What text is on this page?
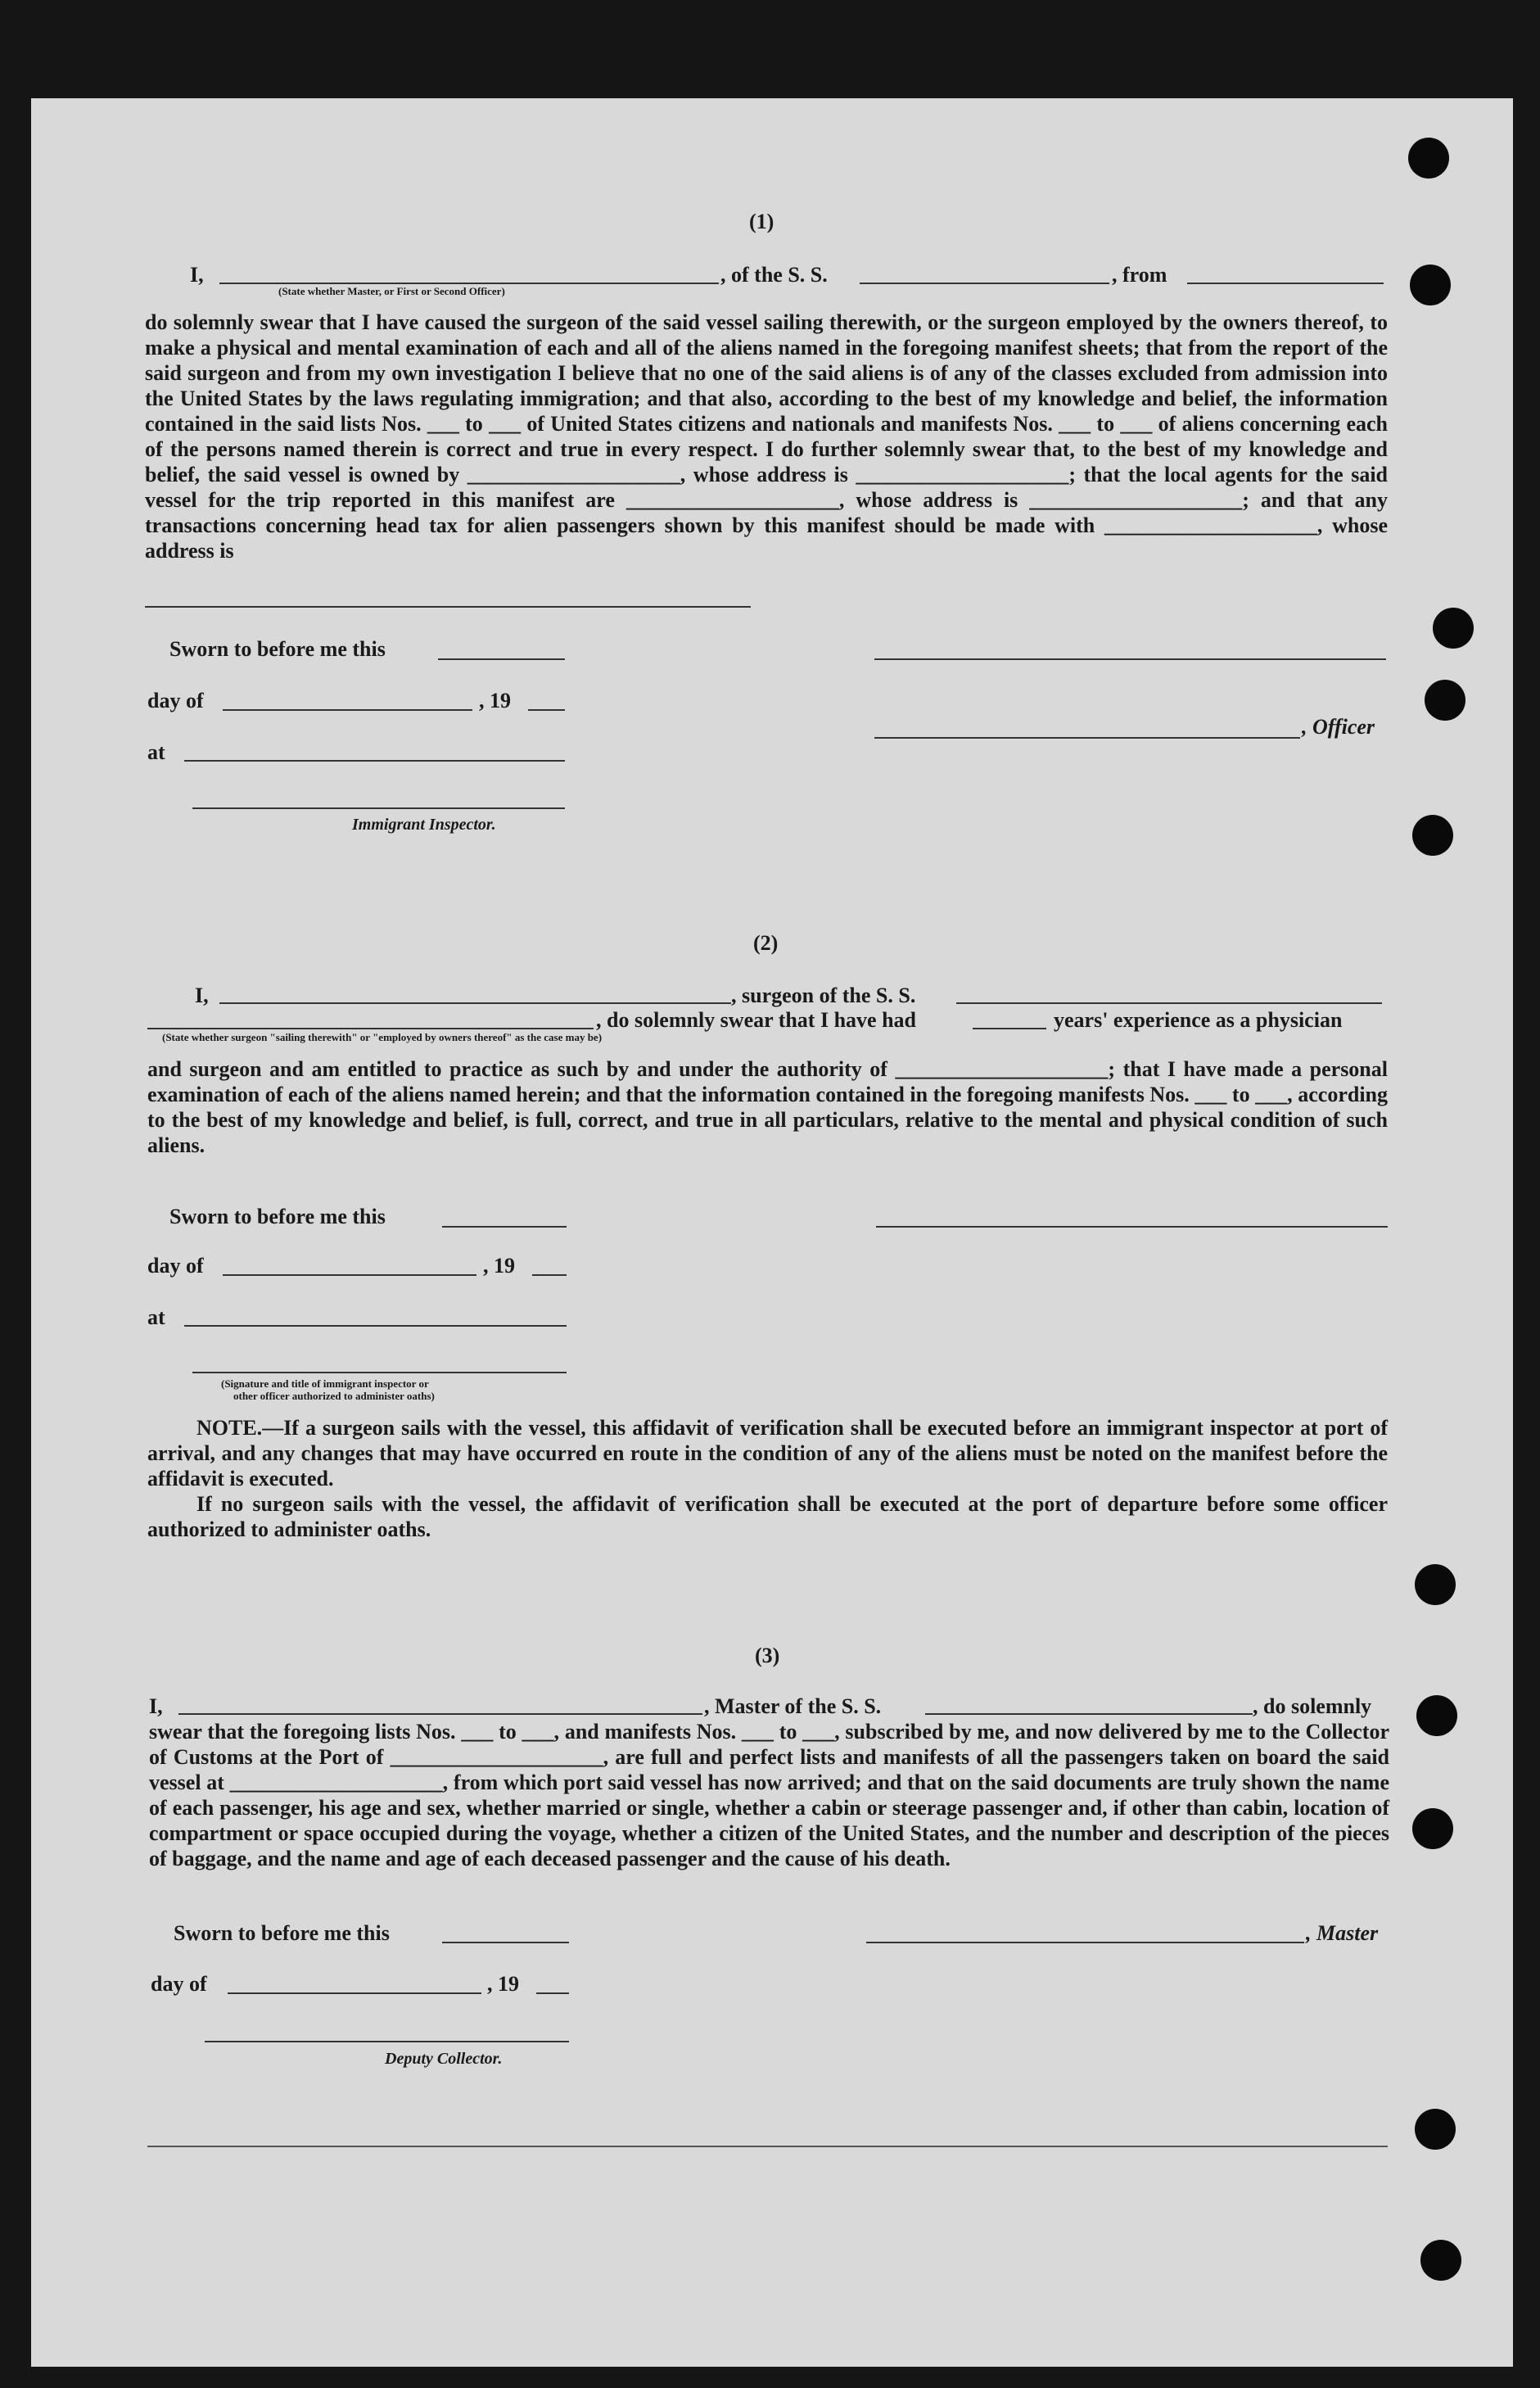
(1)
I,
(State whether Master, or First or Second Officer)
, of the S. S.	, from
do solemnly swear that I have caused the surgeon of the said vessel sailing therewith, or the surgeon employed by the owners thereof, to make a physical and mental examination of each and all of the aliens named in the foregoing manifest sheets; that from the report of the said surgeon and from my own investigation I believe that no one of the said aliens is of any of the classes excluded from admission into the United States by the laws regulating immigration; and that also, according to the best of my knowledge and belief, the information contained in the said lists Nos. ___ to ___ of United States citizens and nationals and manifests Nos. ___ to ___ of aliens concerning each of the persons named therein is correct and true in every respect. I do further solemnly swear that, to the best of my knowledge and belief, the said vessel is owned by ____________________, whose address is ____________________; that the local agents for the said vessel for the trip reported in this manifest are ____________________, whose address is ____________________; and that any transactions concerning head tax for alien passengers shown by this manifest should be made with ____________________, whose address is
Sworn to before me this
day of	, 19
, Officer
at
Immigrant Inspector.
(2)
I,	, surgeon of the S. S.
, do solemnly swear that I have had	years' experience as a physician
(State whether surgeon "sailing therewith" or "employed by owners thereof" as the case may be)
and surgeon and am entitled to practice as such by and under the authority of ____________________; that I have made a personal examination of each of the aliens named herein; and that the information contained in the foregoing manifests Nos. ___ to ___, according to the best of my knowledge and belief, is full, correct, and true in all particulars, relative to the mental and physical condition of such aliens.
Sworn to before me this
day of	, 19
at
(Signature and title of immigrant inspector or
other officer authorized to administer oaths)
NOTE.—If a surgeon sails with the vessel, this affidavit of verification shall be executed before an immigrant inspector at port of arrival, and any changes that may have occurred en route in the condition of any of the aliens must be noted on the manifest before the affidavit is executed.
If no surgeon sails with the vessel, the affidavit of verification shall be executed at the port of departure before some officer authorized to administer oaths.
(3)
I,	, Master of the S. S.	, do solemnly
swear that the foregoing lists Nos. ___ to ___, and manifests Nos. ___ to ___, subscribed by me, and now delivered by me to the Collector of Customs at the Port of ____________________, are full and perfect lists and manifests of all the passengers taken on board the said vessel at ____________________, from which port said vessel has now arrived; and that on the said documents are truly shown the name of each passenger, his age and sex, whether married or single, whether a cabin or steerage passenger and, if other than cabin, location of compartment or space occupied during the voyage, whether a citizen of the United States, and the number and description of the pieces of baggage, and the name and age of each deceased passenger and the cause of his death.
Sworn to before me this	, Master
day of	, 19
Deputy Collector.
